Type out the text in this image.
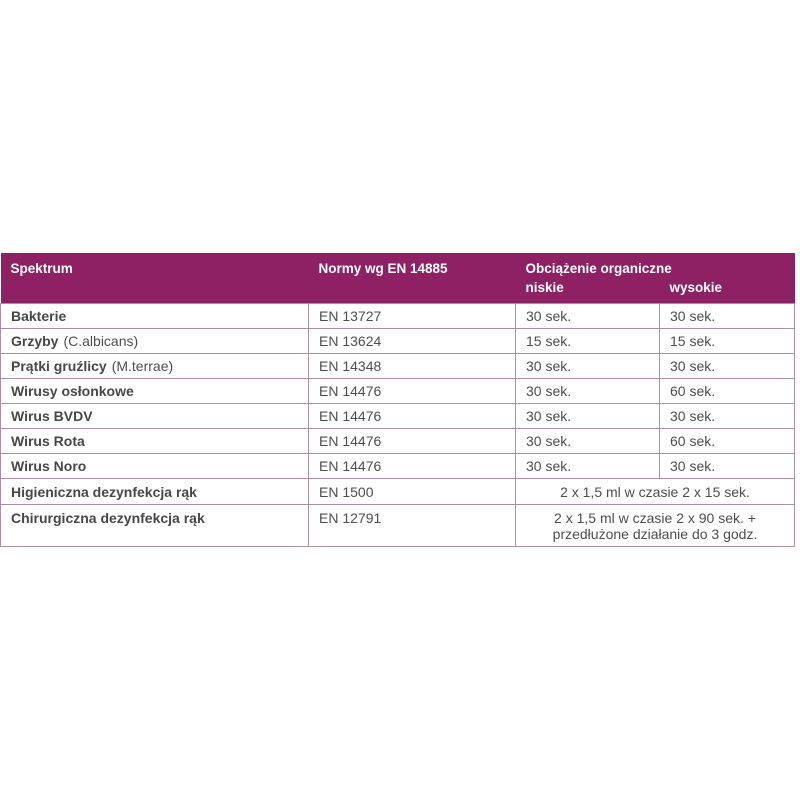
Spektrum	Normy wg EN 14885	Obciążenie organiczne	
		niskie	wysokie
Bakterie	EN 13727	30 sek.	30 sek.
Grzyby (C.albicans)	EN 13624	15 sek.	15 sek.
Prątki gruźlicy (M.terrae)	EN 14348	30 sek.	30 sek.
Wirusy osłonkowe	EN 14476	30 sek.	60 sek.
Wirus BVDV	EN 14476	30 sek.	30 sek.
Wirus Rota	EN 14476	30 sek.	60 sek.
Wirus Noro	EN 14476	30 sek.	30 sek.
Higieniczna dezynfekcja rąk	EN 1500	2 x 1,5 ml w czasie 2 x 15 sek.	
Chirurgiczna dezynfekcja rąk	EN 12791	2 x 1,5 ml w czasie 2 x 90 sek. + przedłużone działanie do 3 godz.	
